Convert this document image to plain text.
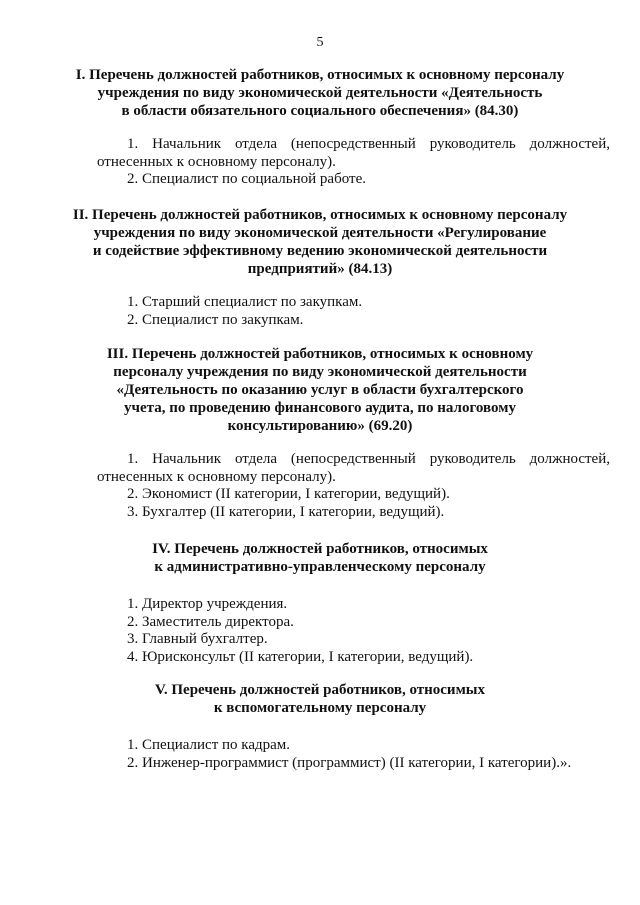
5
I. Перечень должностей работников, относимых к основному персоналу
учреждения по виду экономической деятельности «Деятельность
в области обязательного социального обеспечения» (84.30)
1. Начальник отдела (непосредственный руководитель должностей, отнесенных к основному персоналу).
2. Специалист по социальной работе.
II. Перечень должностей работников, относимых к основному персоналу
учреждения по виду экономической деятельности «Регулирование
и содействие эффективному ведению экономической деятельности
предприятий» (84.13)
1. Старший специалист по закупкам.
2. Специалист по закупкам.
III. Перечень должностей работников, относимых к основному
персоналу учреждения по виду экономической деятельности
«Деятельность по оказанию услуг в области бухгалтерского
учета, по проведению финансового аудита, по налоговому
консультированию» (69.20)
1. Начальник отдела (непосредственный руководитель должностей, отнесенных к основному персоналу).
2. Экономист (II категории, I категории, ведущий).
3. Бухгалтер (II категории, I категории, ведущий).
IV. Перечень должностей работников, относимых
к административно-управленческому персоналу
1. Директор учреждения.
2. Заместитель директора.
3. Главный бухгалтер.
4. Юрисконсульт (II категории, I категории, ведущий).
V. Перечень должностей работников, относимых
к вспомогательному персоналу
1. Специалист по кадрам.
2. Инженер-программист (программист) (II категории, I категории).».
